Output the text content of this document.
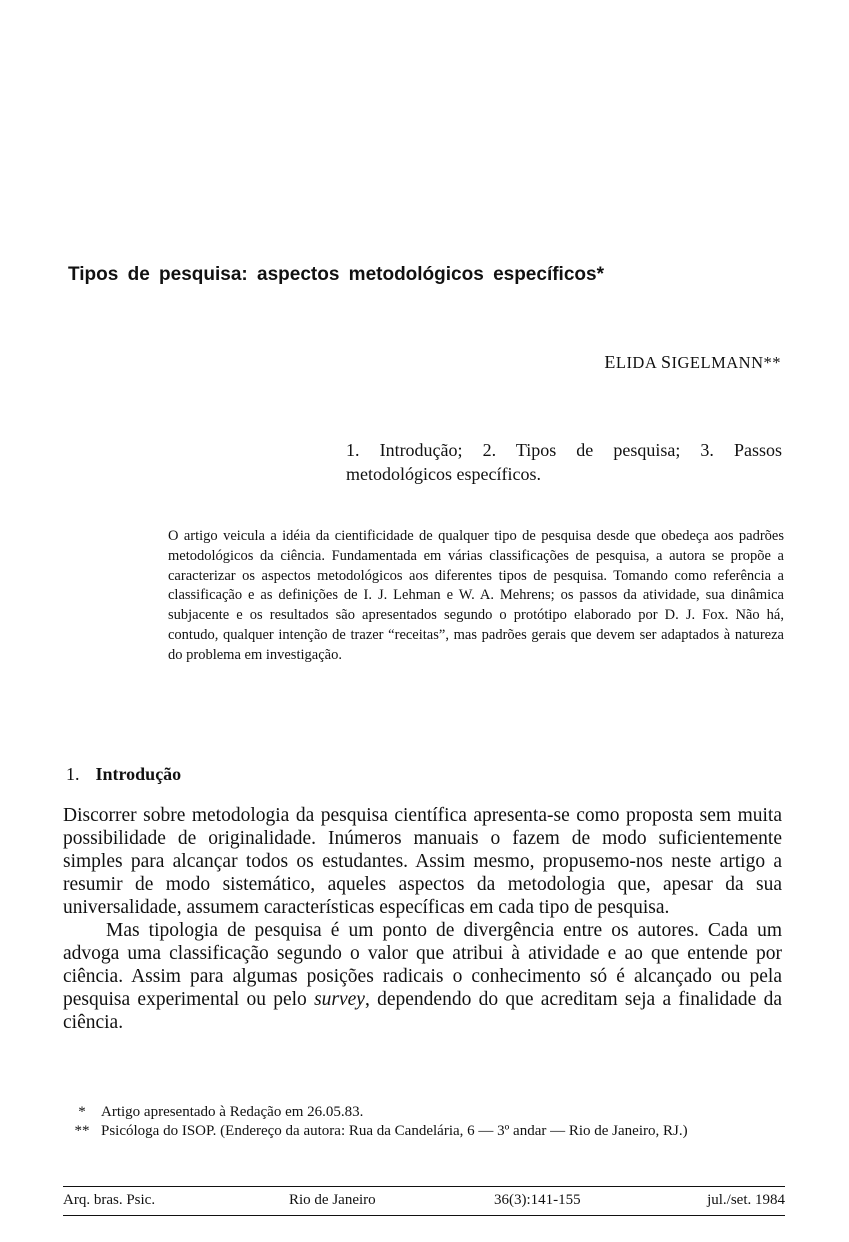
Tipos de pesquisa: aspectos metodológicos específicos*
ELIDA SIGELMANN**
1. Introdução; 2. Tipos de pesquisa; 3. Passos metodológicos específicos.
O artigo veicula a idéia da cientificidade de qualquer tipo de pesquisa desde que obedeça aos padrões metodológicos da ciência. Fundamentada em várias classificações de pesquisa, a autora se propõe a caracterizar os aspectos metodológicos aos diferentes tipos de pesquisa. Tomando como referência a classificação e as definições de I. J. Lehman e W. A. Mehrens; os passos da atividade, sua dinâmica subjacente e os resultados são apresentados segundo o protótipo elaborado por D. J. Fox. Não há, contudo, qualquer intenção de trazer “receitas”, mas padrões gerais que devem ser adaptados à natureza do problema em investigação.
1. Introdução

Discorrer sobre metodologia da pesquisa científica apresenta-se como proposta sem muita possibilidade de originalidade. Inúmeros manuais o fazem de modo suficientemente simples para alcançar todos os estudantes. Assim mesmo, propusemo-nos neste artigo a resumir de modo sistemático, aqueles aspectos da metodologia que, apesar da sua universalidade, assumem características específicas em cada tipo de pesquisa.

Mas tipologia de pesquisa é um ponto de divergência entre os autores. Cada um advoga uma classificação segundo o valor que atribui à atividade e ao que entende por ciência. Assim para algumas posições radicais o conhecimento só é alcançado ou pela pesquisa experimental ou pelo survey, dependendo do que acreditam seja a finalidade da ciência.

* Artigo apresentado à Redação em 26.05.83.

** Psicóloga do ISOP. (Endereço da autora: Rua da Candelária, 6 — 3º andar — Rio de Janeiro, RJ.)

Arq. bras. Psic.	Rio de Janeiro	36(3):141-155	jul./set. 1984
